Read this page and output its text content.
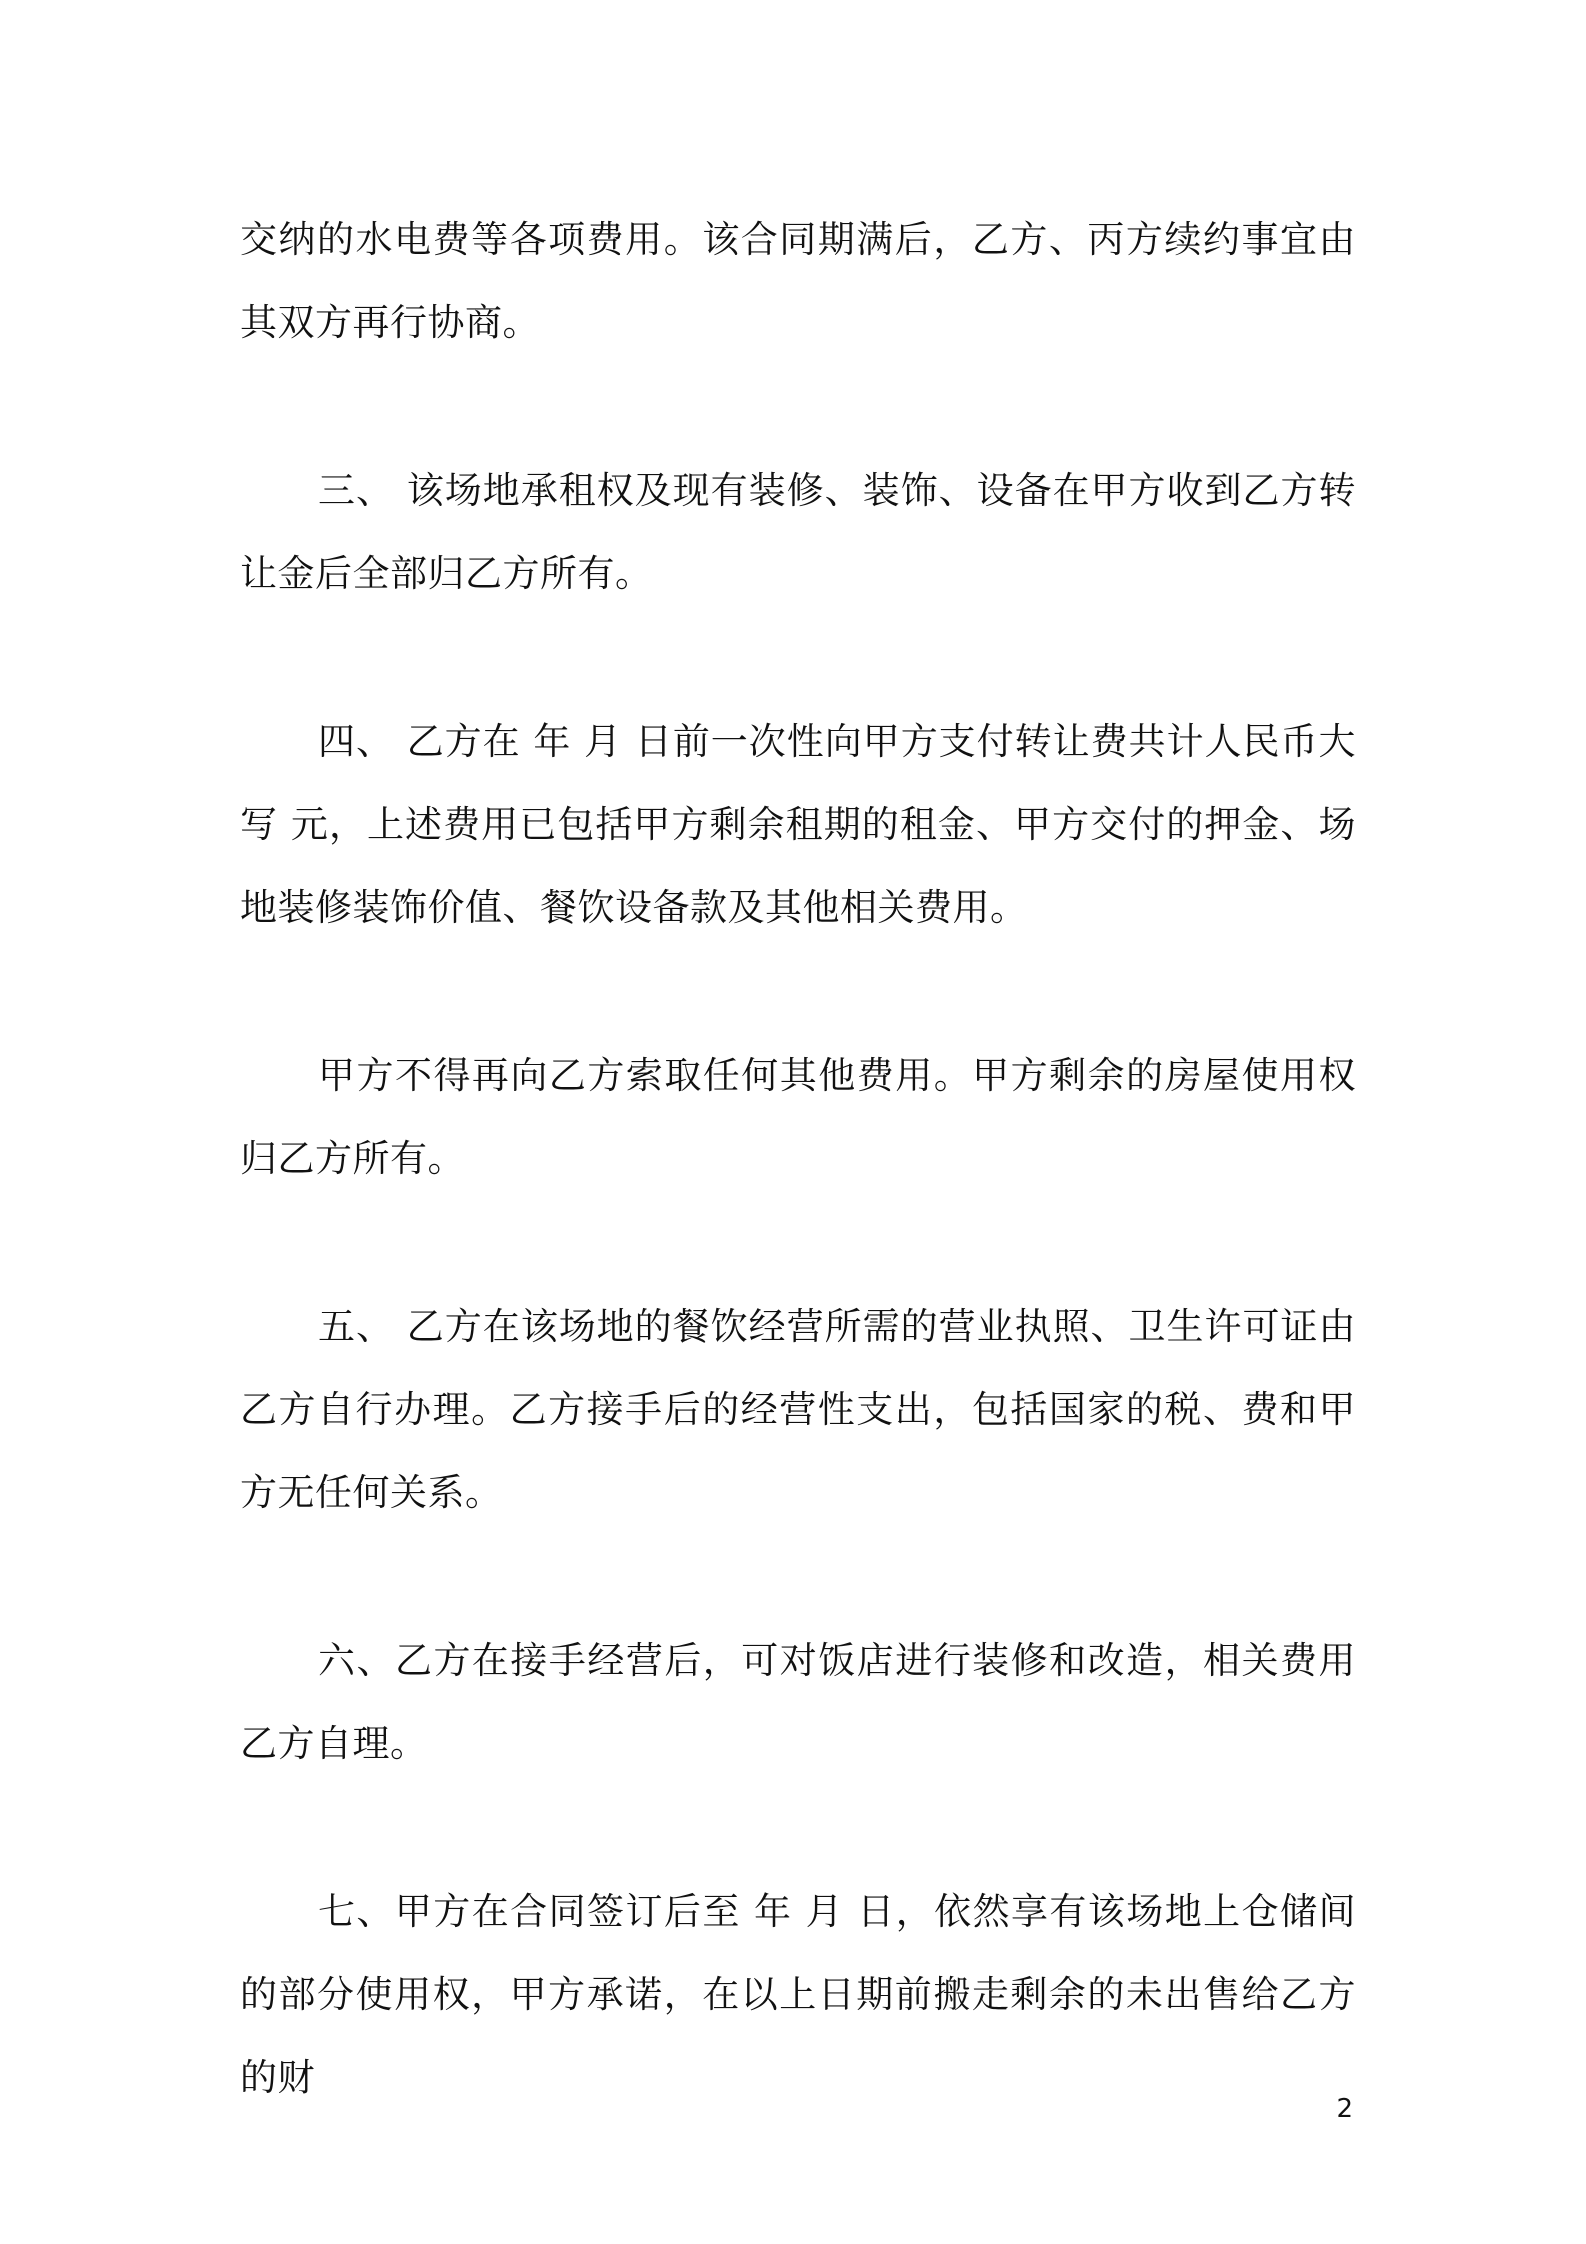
交纳的水电费等各项费用。该合同期满后，乙方、丙方续约事宜由其双方再行协商。

三、 该场地承租权及现有装修、装饰、设备在甲方收到乙方转让金后全部归乙方所有。

四、 乙方在 年 月 日前一次性向甲方支付转让费共计人民币大写 元，上述费用已包括甲方剩余租期的租金、甲方交付的押金、场地装修装饰价值、餐饮设备款及其他相关费用。

甲方不得再向乙方索取任何其他费用。甲方剩余的房屋使用权归乙方所有。

五、 乙方在该场地的餐饮经营所需的营业执照、卫生许可证由乙方自行办理。乙方接手后的经营性支出，包括国家的税、费和甲方无任何关系。

六、乙方在接手经营后，可对饭店进行装修和改造，相关费用乙方自理。

七、甲方在合同签订后至 年 月 日，依然享有该场地上仓储间的部分使用权，甲方承诺，在以上日期前搬走剩余的未出售给乙方的财

2
